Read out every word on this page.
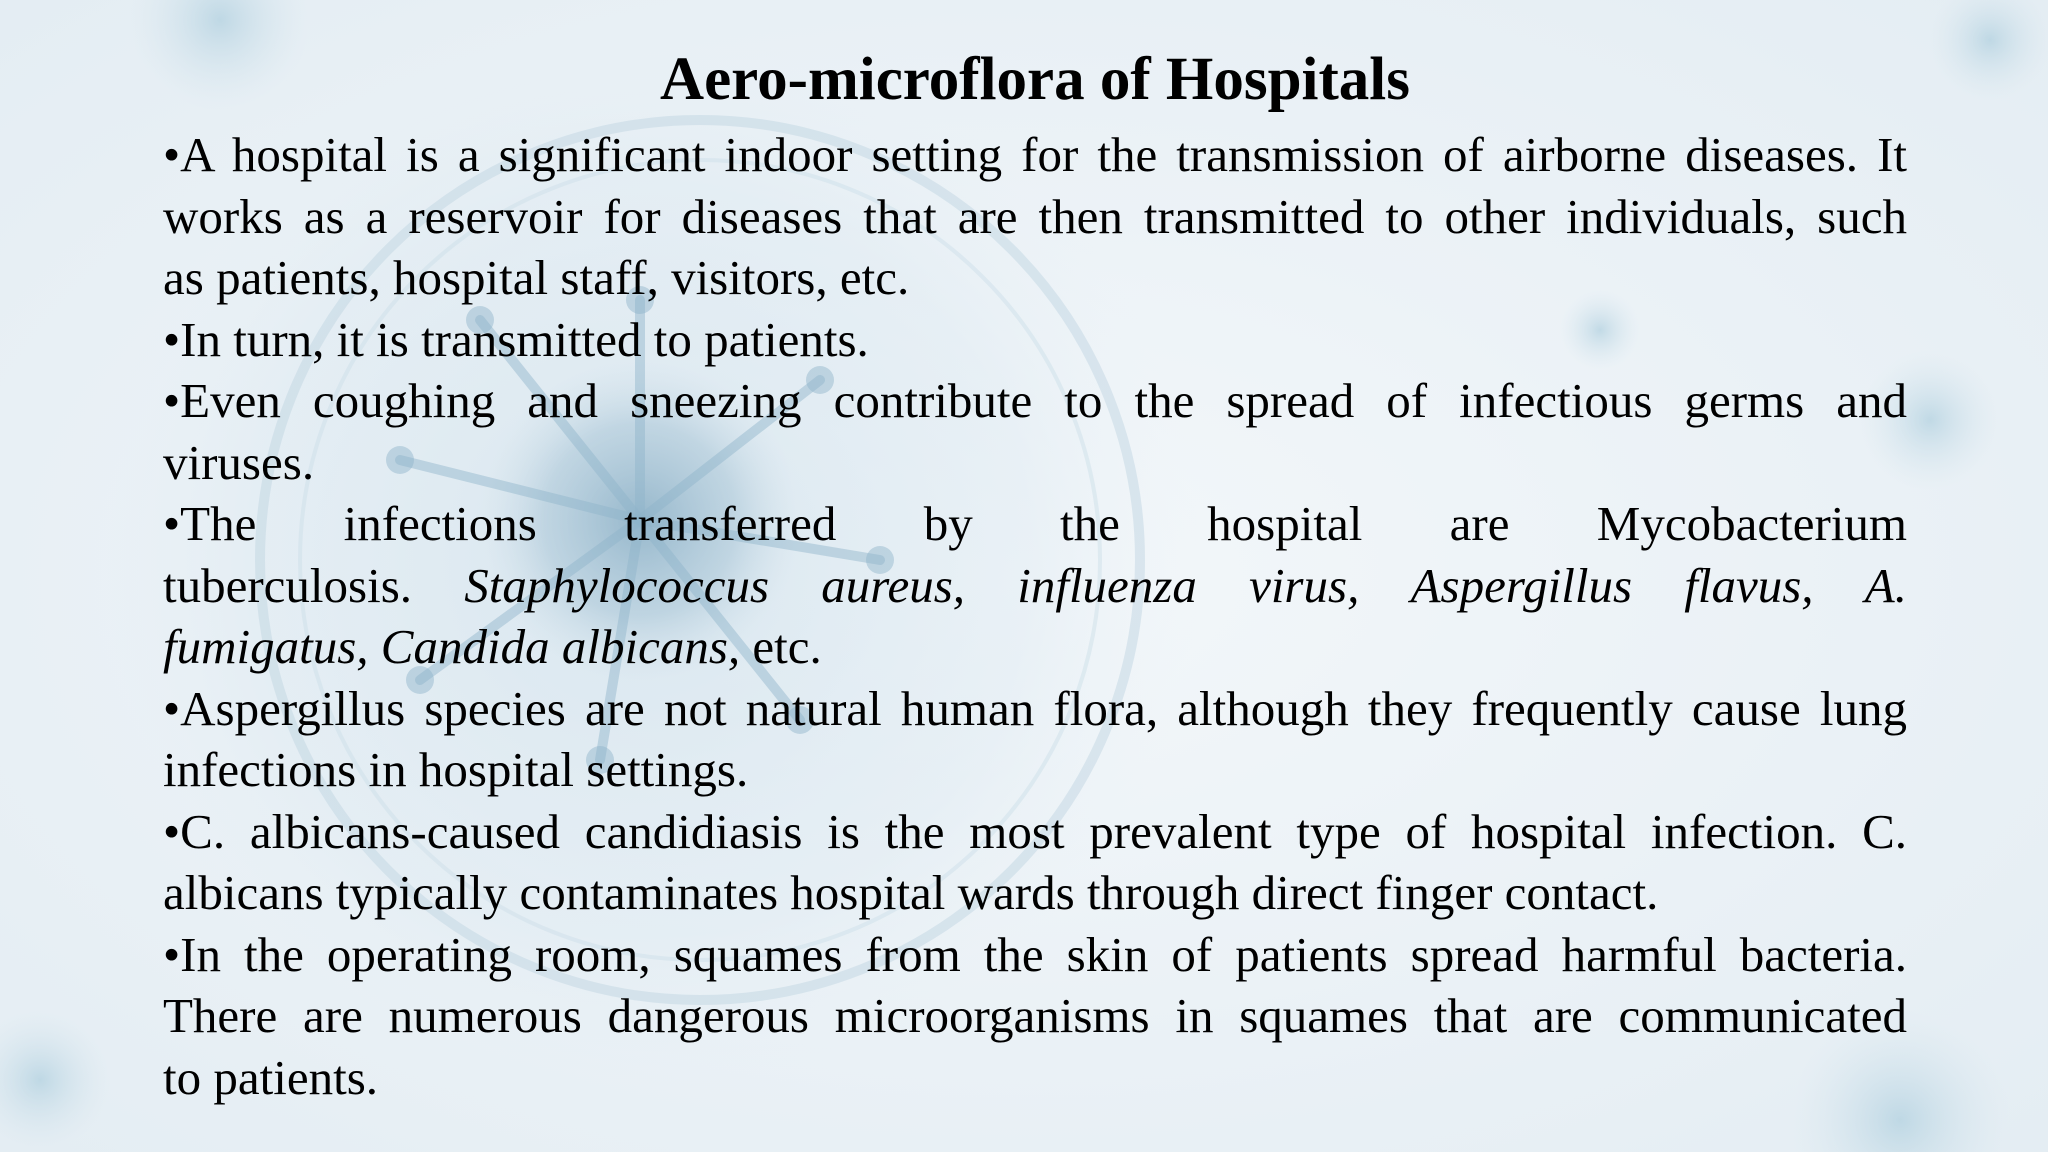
Aero-microflora of Hospitals

•A hospital is a significant indoor setting for the transmission of airborne diseases. It
works as a reservoir for diseases that are then transmitted to other individuals, such
as patients, hospital staff, visitors, etc.

•In turn, it is transmitted to patients.

•Even coughing and sneezing contribute to the spread of infectious germs and
viruses.

•The infections transferred by the hospital are Mycobacterium
tuberculosis. Staphylococcus aureus, influenza virus, Aspergillus flavus, A.
fumigatus, Candida albicans, etc.

•Aspergillus species are not natural human flora, although they frequently cause lung
infections in hospital settings.

•C. albicans-caused candidiasis is the most prevalent type of hospital infection. C.
albicans typically contaminates hospital wards through direct finger contact.

•In the operating room, squames from the skin of patients spread harmful bacteria.
There are numerous dangerous microorganisms in squames that are communicated
to patients.
